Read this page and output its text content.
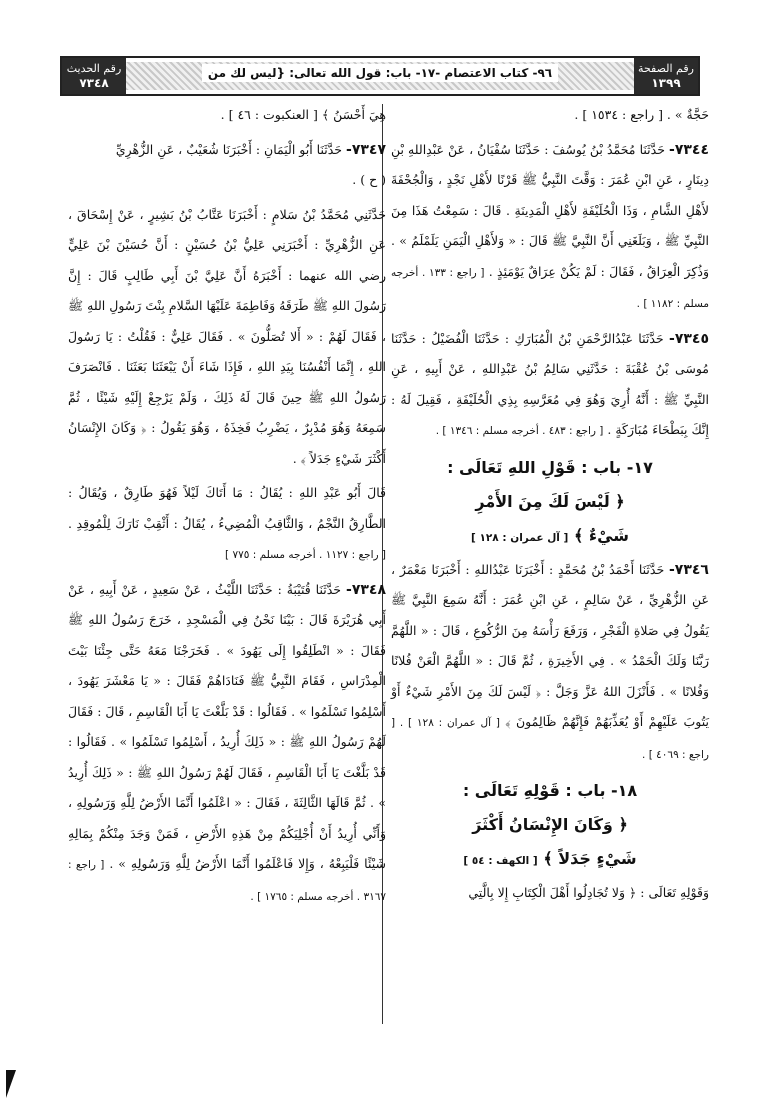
رقم الصفحة
١٣٩٩
٩٦- كتاب الاعتصام -١٧- باب: قول الله تعالى: {ليس لك من
رقم الحديث
٧٣٤٨

حَجَّةٌ » . [ راجع : ١٥٣٤ ] .

٧٣٤٤- حَدَّثَنَا مُحَمَّدُ بْنُ يُوسُفَ : حَدَّثَنَا سُفْيَانُ ، عَنْ عَبْدِاللهِ بْنِ دِينَارٍ ، عَنِ ابْنِ عُمَرَ : وَقَّتَ النَّبِيُّ ﷺ قَرْنًا لأَهْلِ نَجْدٍ ، وَالْجُحْفَةَ لأَهْلِ الشَّامِ ، وَذَا الْحُلَيْفَةِ لأَهْلِ الْمَدِينَةِ . قَالَ : سَمِعْتُ هَذَا مِنَ النَّبِيِّ ﷺ ، وَبَلَغَنِي أَنَّ النَّبِيَّ ﷺ قَالَ : « وَلأَهْلِ الْيَمَنِ يَلَمْلَمُ » . وَذُكِرَ الْعِرَاقُ ، فَقَالَ : لَمْ يَكُنْ عِرَاقٌ يَوْمَئِذٍ . [ راجع : ١٣٣ . أخرجه مسلم : ١١٨٢ ] .

٧٣٤٥- حَدَّثَنَا عَبْدُالرَّحْمَنِ بْنُ الْمُبَارَكِ : حَدَّثَنَا الْفُضَيْلُ : حَدَّثَنَا مُوسَى بْنُ عُقْبَةَ : حَدَّثَنِي سَالِمُ بْنُ عَبْدِاللهِ ، عَنْ أَبِيهِ ، عَنِ النَّبِيِّ ﷺ : أَنَّهُ أُرِيَ وَهُوَ فِي مُعَرَّسِهِ بِذِي الْحُلَيْفَةِ ، فَقِيلَ لَهُ : إِنَّكَ بِبَطْحَاءَ مُبَارَكَةٍ . [ راجع : ٤٨٣ . أخرجه مسلم : ١٣٤٦ ] .

١٧- باب : قَوْلِ اللهِ تَعَالَى :
﴿ لَيْسَ لَكَ مِنَ الأَمْرِ
شَيْءٌ ﴾ [ آل عمران : ١٢٨ ]

٧٣٤٦- حَدَّثَنَا أَحْمَدُ بْنُ مُحَمَّدٍ : أَخْبَرَنَا عَبْدُاللهِ : أَخْبَرَنَا مَعْمَرٌ ، عَنِ الزُّهْرِيِّ ، عَنْ سَالِمٍ ، عَنِ ابْنِ عُمَرَ : أَنَّهُ سَمِعَ النَّبِيَّ ﷺ يَقُولُ فِي صَلاةِ الْفَجْرِ ، وَرَفَعَ رَأْسَهُ مِنَ الرُّكُوعِ ، قَالَ : « اللَّهُمَّ رَبَّنَا وَلَكَ الْحَمْدُ » . فِي الأَخِيرَةِ ، ثُمَّ قَالَ : « اللَّهُمَّ الْعَنْ فُلانًا وَفُلانًا » . فَأَنْزَلَ اللهُ عَزَّ وَجَلَّ : ﴿ لَيْسَ لَكَ مِنَ الأَمْرِ شَيْءٌ أَوْ يَتُوبَ عَلَيْهِمْ أَوْ يُعَذِّبَهُمْ فَإِنَّهُمْ ظَالِمُونَ ﴾ [ آل عمران : ١٢٨ ] . [ راجع : ٤٠٦٩ ] .

١٨- باب : قَوْلِهِ تَعَالَى :
﴿ وَكَانَ الإِنْسَانُ أَكْثَرَ
شَيْءٍ جَدَلاً ﴾ [ الكهف : ٥٤ ]

وَقَوْلِهِ تَعَالَى : ﴿ وَلا تُجَادِلُوا أَهْلَ الْكِتَابِ إِلا بِالَّتِي

هِيَ أَحْسَنُ ﴾ [ العنكبوت : ٤٦ ] .

٧٣٤٧- حَدَّثَنَا أَبُو الْيَمَانِ : أَخْبَرَنَا شُعَيْبٌ ، عَنِ الزُّهْرِيِّ

( ح ) .

حَدَّثَنِي مُحَمَّدُ بْنُ سَلامٍ : أَخْبَرَنَا عَتَّابُ بْنُ بَشِيرٍ ، عَنْ إِسْحَاقَ ، عَنِ الزُّهْرِيِّ : أَخْبَرَنِي عَلِيُّ بْنُ حُسَيْنٍ : أَنَّ حُسَيْنَ بْنَ عَلِيٍّ رضي الله عنهما : أَخْبَرَهُ أَنَّ عَلِيَّ بْنَ أَبِي طَالِبٍ قَالَ : إِنَّ رَسُولَ اللهِ ﷺ طَرَقَهُ وَفَاطِمَةَ عَلَيْهَا السَّلامِ بِنْتَ رَسُولِ اللهِ ﷺ ، فَقَالَ لَهُمْ : « أَلا تُصَلُّونَ » . فَقَالَ عَلِيٌّ : فَقُلْتُ : يَا رَسُولَ اللهِ ، إِنَّمَا أَنْفُسُنَا بِيَدِ اللهِ ، فَإِذَا شَاءَ أَنْ يَبْعَثَنَا بَعَثَنَا . فَانْصَرَفَ رَسُولُ اللهِ ﷺ حِينَ قَالَ لَهُ ذَلِكَ ، وَلَمْ يَرْجِعْ إِلَيْهِ شَيْئًا ، ثُمَّ سَمِعَهُ وَهُوَ مُدْبِرٌ ، يَضْرِبُ فَخِذَهُ ، وَهُوَ يَقُولُ : ﴿ وَكَانَ الإِنْسَانُ أَكْثَرَ شَيْءٍ جَدَلاً ﴾ .

قَالَ أَبُو عَبْدِ اللهِ : يُقَالُ : مَا أَتَاكَ لَيْلاً فَهُوَ طَارِقٌ ، وَيُقَالُ : الطَّارِقُ النَّجْمُ ، وَالثَّاقِبُ الْمُضِيءُ ، يُقَالُ : أَثْقِبْ نَارَكَ لِلْمُوقِدِ . [ راجع : ١١٢٧ . أخرجه مسلم : ٧٧٥ ]

٧٣٤٨- حَدَّثَنَا قُتَيْبَةُ : حَدَّثَنَا اللَّيْثُ ، عَنْ سَعِيدٍ ، عَنْ أَبِيهِ ، عَنْ أَبِي هُرَيْرَةَ قَالَ : بَيْنَا نَحْنُ فِي الْمَسْجِدِ ، خَرَجَ رَسُولُ اللهِ ﷺ فَقَالَ : « انْطَلِقُوا إِلَى يَهُودَ » . فَخَرَجْنَا مَعَهُ حَتَّى جِئْنَا بَيْتَ الْمِدْرَاسِ ، فَقَامَ النَّبِيُّ ﷺ فَنَادَاهُمْ فَقَالَ : « يَا مَعْشَرَ يَهُودَ ، أَسْلِمُوا تَسْلَمُوا » . فَقَالُوا : قَدْ بَلَّغْتَ يَا أَبَا الْقَاسِمِ ، قَالَ : فَقَالَ لَهُمْ رَسُولُ اللهِ ﷺ : « ذَلِكَ أُرِيدُ ، أَسْلِمُوا تَسْلَمُوا » . فَقَالُوا : قَدْ بَلَّغْتَ يَا أَبَا الْقَاسِمِ ، فَقَالَ لَهُمْ رَسُولُ اللهِ ﷺ : « ذَلِكَ أُرِيدُ » . ثُمَّ قَالَهَا الثَّالِثَةَ ، فَقَالَ : « اعْلَمُوا أَنَّمَا الأَرْضُ لِلَّهِ وَرَسُولِهِ ، وَأَنِّي أُرِيدُ أَنْ أُجْلِيَكُمْ مِنْ هَذِهِ الأَرْضِ ، فَمَنْ وَجَدَ مِنْكُمْ بِمَالِهِ شَيْئًا فَلْيَبِعْهُ ، وَإِلا فَاعْلَمُوا أَنَّمَا الأَرْضُ لِلَّهِ وَرَسُولِهِ » . [ راجع : ٣١٦٧ . أخرجه مسلم : ١٧٦٥ ] .
